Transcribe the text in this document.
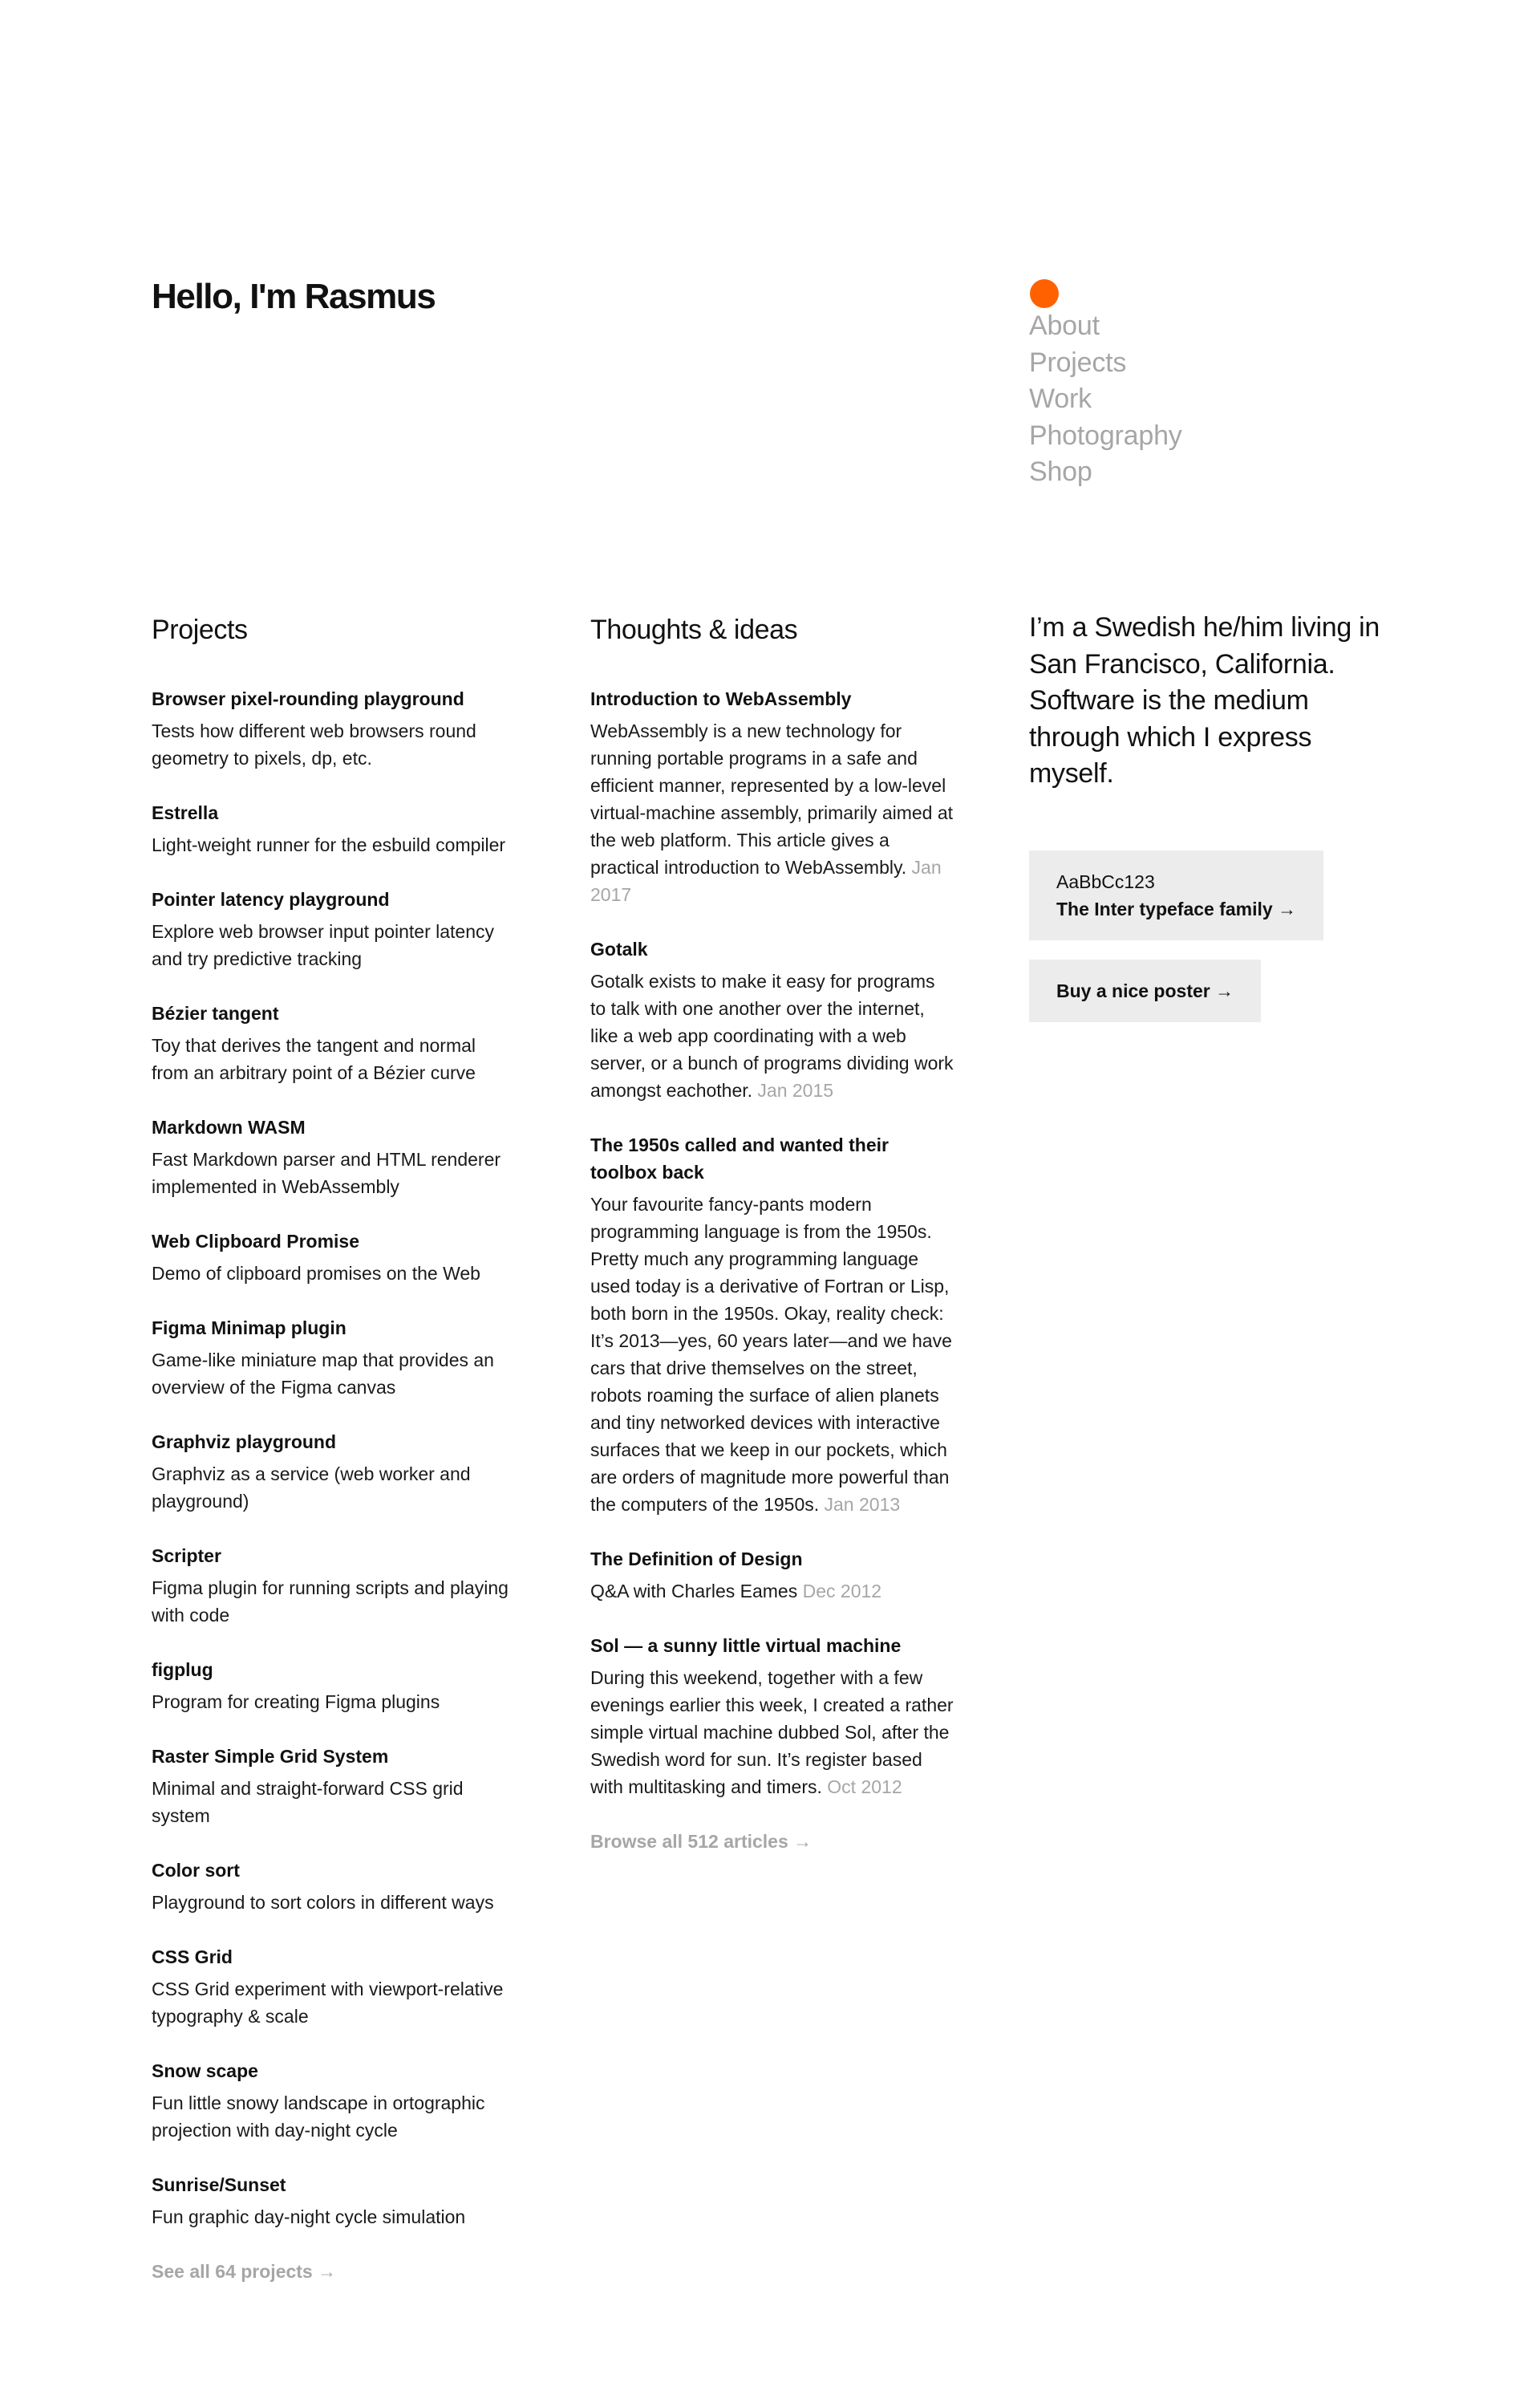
Hello, I'm Rasmus
About
Projects
Work
Photography
Shop
Projects
Browser pixel-rounding playground

Tests how different web browsers round geometry to pixels, dp, etc.

Estrella

Light-weight runner for the esbuild compiler

Pointer latency playground

Explore web browser input pointer latency and try predictive tracking

Bézier tangent

Toy that derives the tangent and normal from an arbitrary point of a Bézier curve

Markdown WASM

Fast Markdown parser and HTML renderer implemented in WebAssembly

Web Clipboard Promise

Demo of clipboard promises on the Web

Figma Minimap plugin

Game-like miniature map that provides an overview of the Figma canvas

Graphviz playground

Graphviz as a service (web worker and playground)

Scripter

Figma plugin for running scripts and playing with code

figplug

Program for creating Figma plugins

Raster Simple Grid System

Minimal and straight-forward CSS grid system

Color sort

Playground to sort colors in different ways

CSS Grid

CSS Grid experiment with viewport-relative typography & scale

Snow scape

Fun little snowy landscape in ortographic projection with day-night cycle

Sunrise/Sunset

Fun graphic day-night cycle simulation

See all 64 projects →
Thoughts & ideas
Introduction to WebAssembly

WebAssembly is a new technology for running portable programs in a safe and efficient manner, represented by a low-level virtual-machine assembly, primarily aimed at the web platform. This article gives a practical introduction to WebAssembly. Jan 2017

Gotalk

Gotalk exists to make it easy for programs to talk with one another over the internet, like a web app coordinating with a web server, or a bunch of programs dividing work amongst eachother. Jan 2015

The 1950s called and wanted their toolbox back

Your favourite fancy-pants modern programming language is from the 1950s. Pretty much any programming language used today is a derivative of Fortran or Lisp, both born in the 1950s. Okay, reality check: It’s 2013—yes, 60 years later—and we have cars that drive themselves on the street, robots roaming the surface of alien planets and tiny networked devices with interactive surfaces that we keep in our pockets, which are orders of magnitude more powerful than the computers of the 1950s. Jan 2013

The Definition of Design

Q&A with Charles Eames Dec 2012

Sol — a sunny little virtual machine

During this weekend, together with a few evenings earlier this week, I created a rather simple virtual machine dubbed Sol, after the Swedish word for sun. It’s register based with multitasking and timers. Oct 2012

Browse all 512 articles →

I’m a Swedish he/him living in San Francisco, California. Software is the medium through which I express myself.

AaBbCc123
The Inter typeface family →
Buy a nice poster →
